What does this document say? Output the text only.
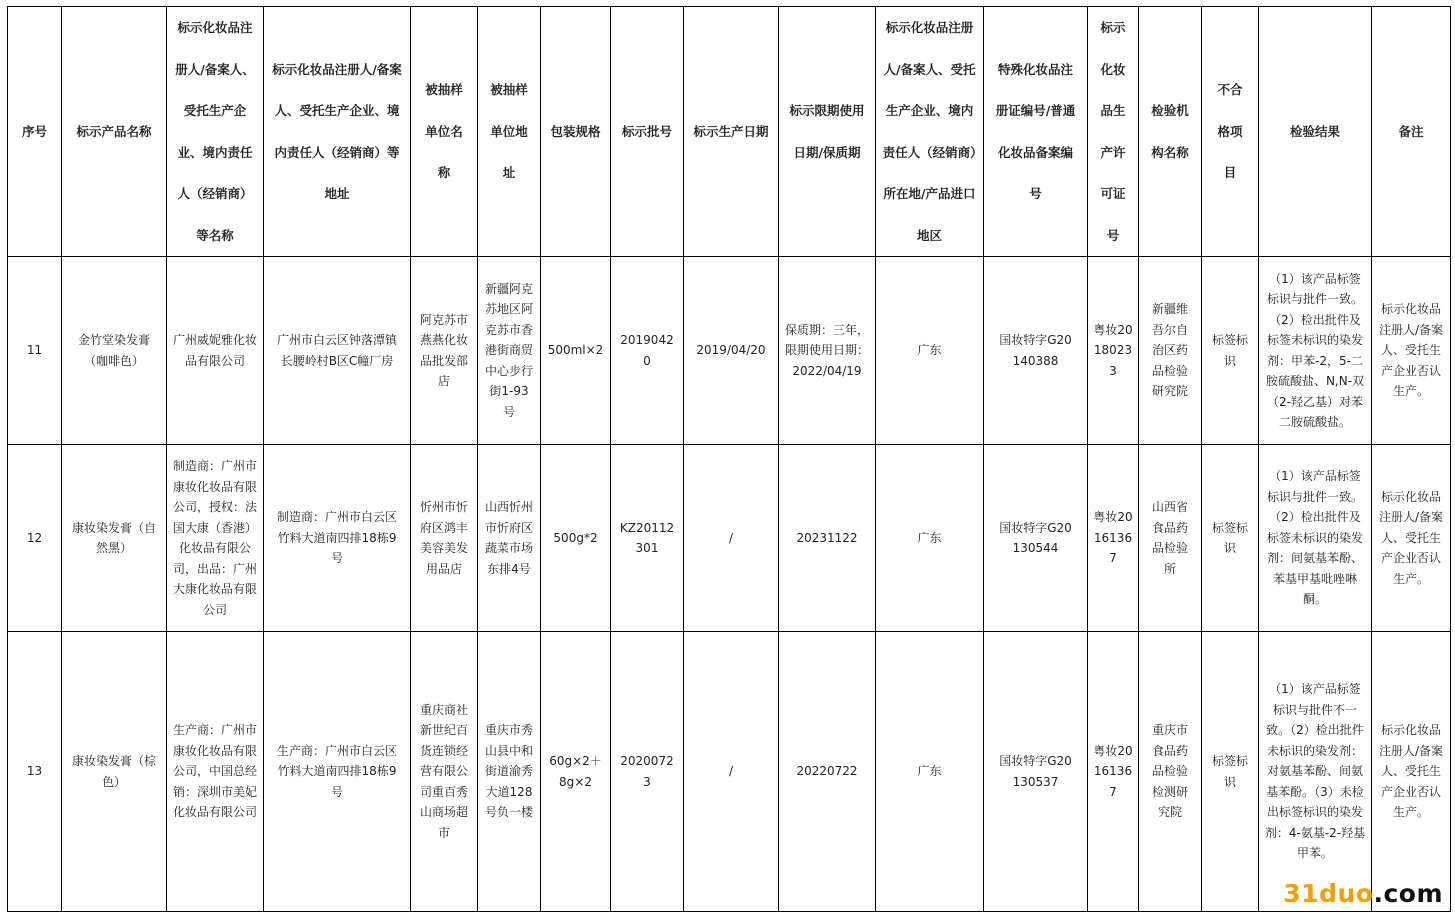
序号	标示产品名称	标示化妆品注册人/备案人、受托生产企业、境内责任人（经销商）等名称	标示化妆品注册人/备案人、受托生产企业、境内责任人（经销商）等地址	被抽样单位名称	被抽样单位地址	包装规格	标示批号	标示生产日期	标示限期使用日期/保质期	标示化妆品注册人/备案人、受托生产企业、境内责任人（经销商）所在地/产品进口地区	特殊化妆品注册证编号/普通化妆品备案编号	标示化妆品生产许可证号	检验机构名称	不合格项目	检验结果	备注
11	金竹堂染发膏（咖啡色）	广州威妮雅化妆品有限公司	广州市白云区钟落潭镇长腰岭村B区C幢厂房	阿克苏市燕燕化妆品批发部店	新疆阿克苏地区阿克苏市香港街商贸中心步行街1-93号	500ml×2	20190420	2019/04/20	保质期：三年，限期使用日期：2022/04/19	广东	国妆特字G20140388	粤妆20180233	新疆维吾尔自治区药品检验研究院	标签标识	（1）该产品标签标识与批件一致。（2）检出批件及标签未标识的染发剂：甲苯-2，5-二胺硫酸盐、N,N-双（2-羟乙基）对苯二胺硫酸盐。	标示化妆品注册人/备案人、受托生产企业否认生产。
12	康妆染发膏（自然黑）	制造商：广州市康妆化妆品有限公司，授权：法国大康（香港）化妆品有限公司，出品：广州大康化妆品有限公司	制造商：广州市白云区竹料大道南四排18栋9号	忻州市忻府区鸿丰美容美发用品店	山西忻州市忻府区蔬菜市场东排4号	500g*2	KZ20112301	/	20231122	广东	国妆特字G20130544	粤妆20161367	山西省食品药品检验所	标签标识	（1）该产品标签标识与批件一致。（2）检出批件及标签未标识的染发剂：间氨基苯酚、苯基甲基吡唑啉酮。	标示化妆品注册人/备案人、受托生产企业否认生产。
13	康妆染发膏（棕色）	生产商：广州市康妆化妆品有限公司，中国总经销：深圳市美妃化妆品有限公司	生产商：广州市白云区竹料大道南四排18栋9号	重庆商社新世纪百货连锁经营有限公司重百秀山商场超市	重庆市秀山县中和街道渝秀大道128号负一楼	60g×2＋8g×2	20200723	/	20220722	广东	国妆特字G20130537	粤妆20161367	重庆市食品药品检验检测研究院	标签标识	（1）该产品标签标识与批件不一致。（2）检出批件未标识的染发剂：对氨基苯酚、间氨基苯酚。（3）未检出标签标识的染发剂：4-氨基-2-羟基甲苯。	标示化妆品注册人/备案人、受托生产企业否认生产。
31duo.com
